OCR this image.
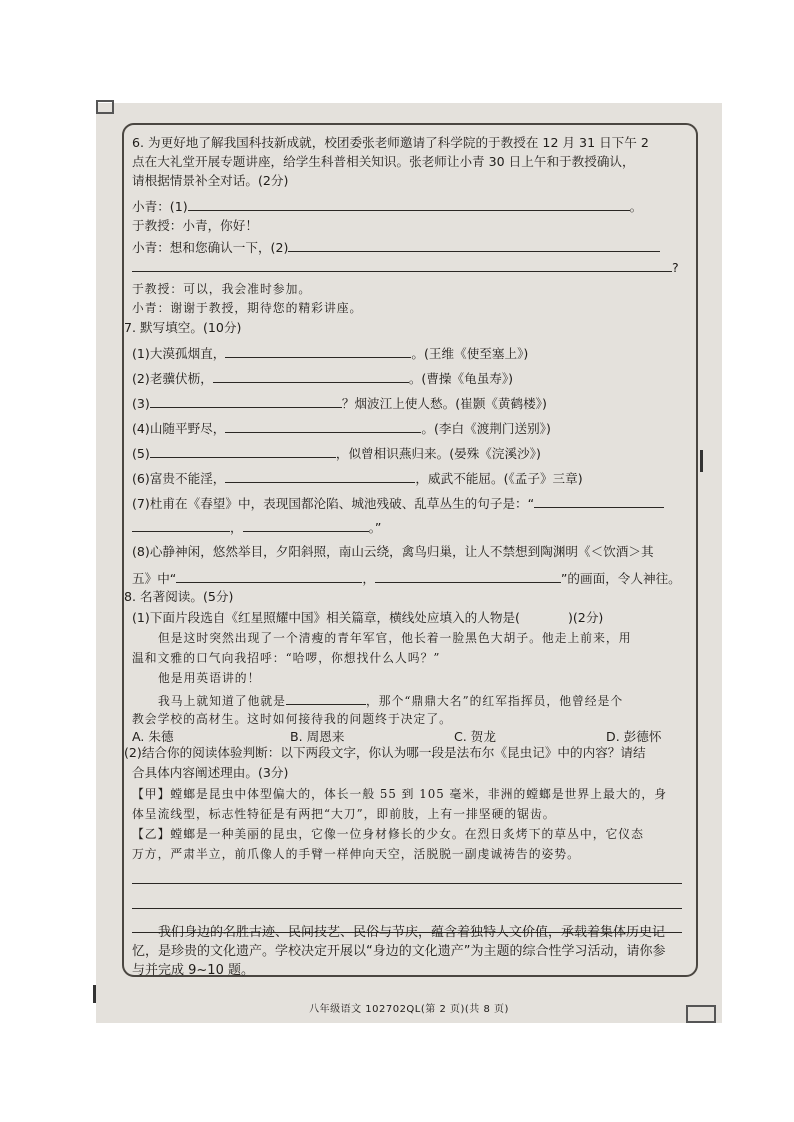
6. 为更好地了解我国科技新成就，校团委张老师邀请了科学院的于教授在 12 月 31 日下午 2
点在大礼堂开展专题讲座，给学生科普相关知识。张老师让小青 30 日上午和于教授确认，
请根据情景补全对话。(2分)
小青：(1)	。
于教授：小青，你好！
小青：想和您确认一下，(2)
?
于教授：可以，我会准时参加。
小青：谢谢于教授，期待您的精彩讲座。
7. 默写填空。(10分)
(1)大漠孤烟直，	。(王维《使至塞上》)
(2)老骥伏枥，	。(曹操《龟虽寿》)
(3)	？烟波江上使人愁。(崔颢《黄鹤楼》)
(4)山随平野尽，	。(李白《渡荆门送别》)
(5)	，似曾相识燕归来。(晏殊《浣溪沙》)
(6)富贵不能淫，	，威武不能屈。(《孟子》三章)
(7)杜甫在《春望》中，表现国都沦陷、城池残破、乱草丛生的句子是：“
，	。”
(8)心静神闲，悠然举目，夕阳斜照，南山云绕，禽鸟归巢，让人不禁想到陶渊明《＜饮酒＞其
五》中“	，	”的画面，令人神往。
8. 名著阅读。(5分)
(1)下面片段选自《红星照耀中国》相关篇章，横线处应填入的人物是(	)(2分)
但是这时突然出现了一个清瘦的青年军官，他长着一脸黑色大胡子。他走上前来，用
温和文雅的口气向我招呼：“哈啰，你想找什么人吗？”
他是用英语讲的！
我马上就知道了他就是	，那个“鼎鼎大名”的红军指挥员，他曾经是个
教会学校的高材生。这时如何接待我的问题终于决定了。
A. 朱德	B. 周恩来	C. 贺龙	D. 彭德怀
(2)结合你的阅读体验判断：以下两段文字，你认为哪一段是法布尔《昆虫记》中的内容？请结
合具体内容阐述理由。(3分)
【甲】螳螂是昆虫中体型偏大的，体长一般 55 到 105 毫米，非洲的螳螂是世界上最大的，身
体呈流线型，标志性特征是有两把“大刀”，即前肢，上有一排坚硬的锯齿。
【乙】螳螂是一种美丽的昆虫，它像一位身材修长的少女。在烈日炙烤下的草丛中，它仪态
万方，严肃半立，前爪像人的手臂一样伸向天空，活脱脱一副虔诚祷告的姿势。
我们身边的名胜古迹、民间技艺、民俗与节庆，蕴含着独特人文价值，承载着集体历史记
忆，是珍贵的文化遗产。学校决定开展以“身边的文化遗产”为主题的综合性学习活动，请你参
与并完成 9~10 题。
八年级语文 102702QL(第 2 页)(共 8 页)
